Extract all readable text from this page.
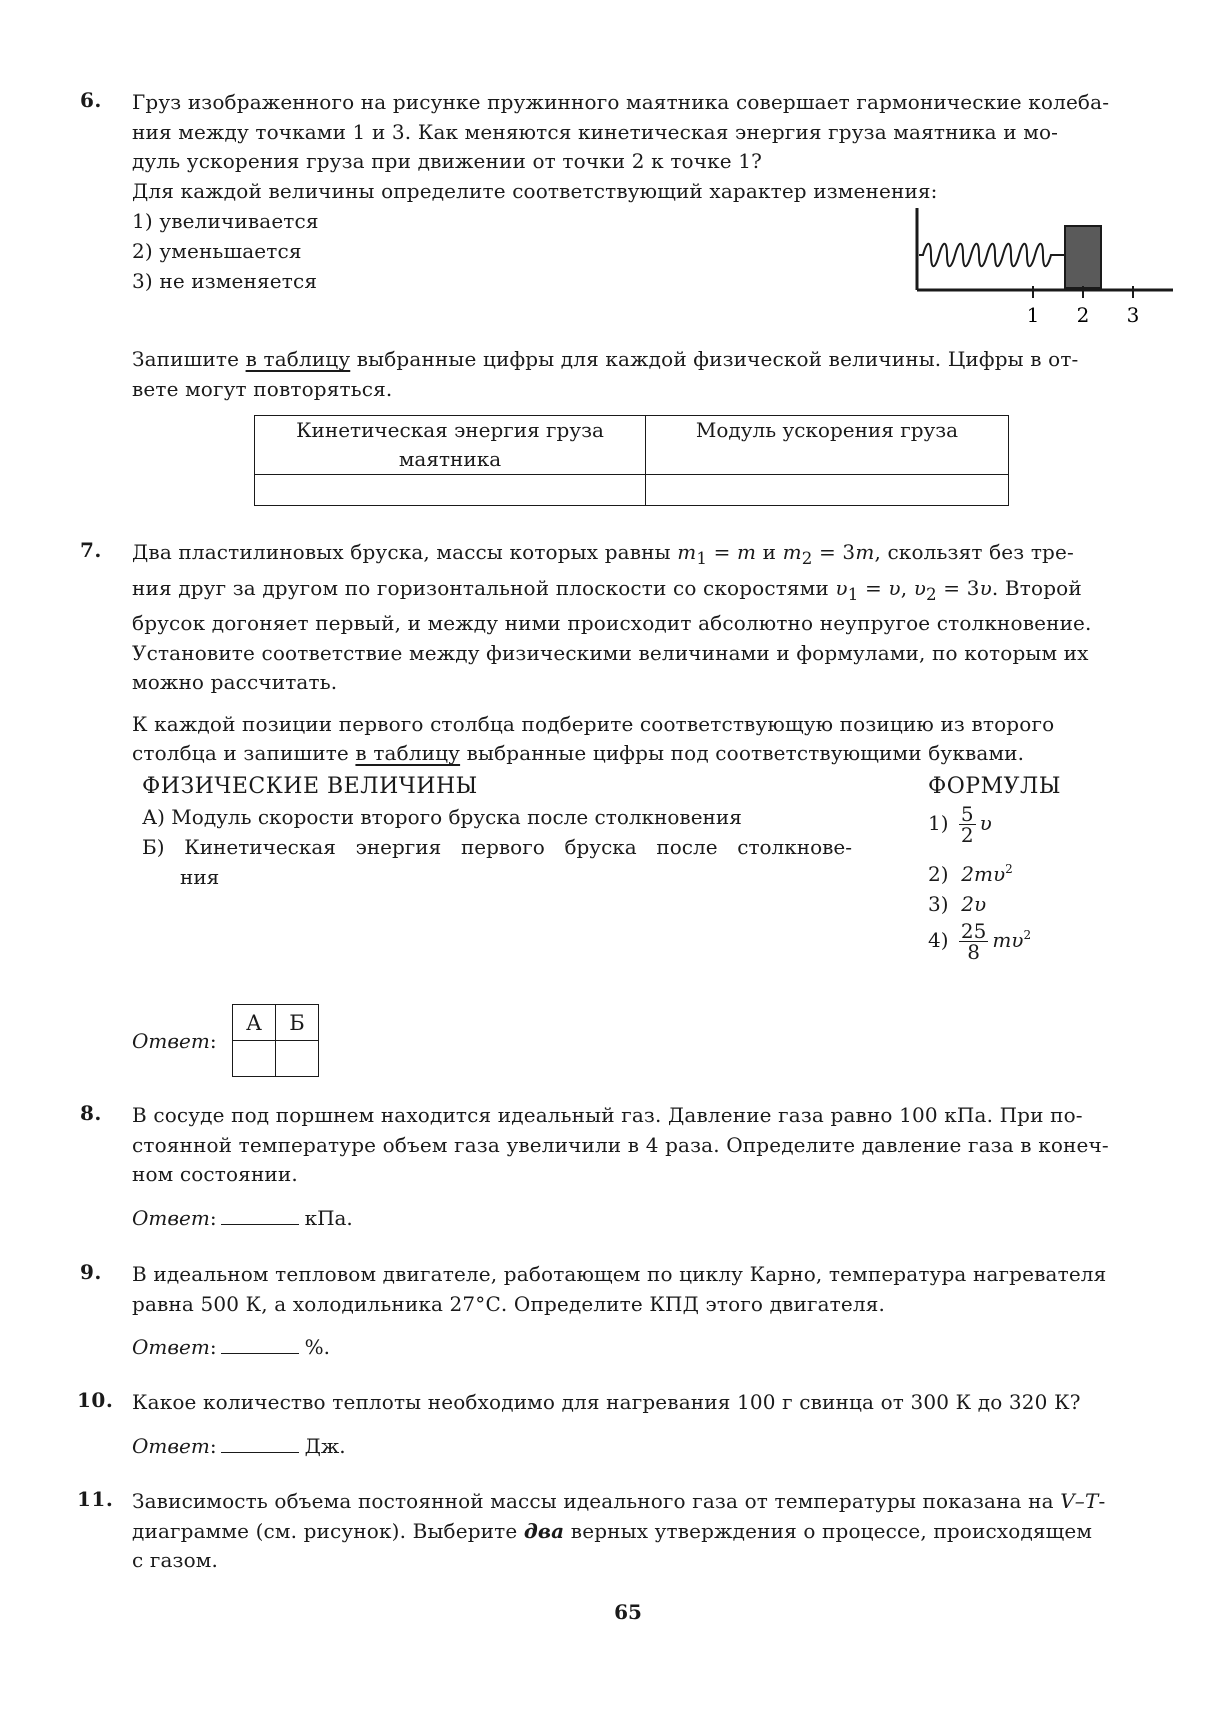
6. Груз изображенного на рисунке пружинного маятника совершает гармонические колеба-
ния между точками 1 и 3. Как меняются кинетическая энергия груза маятника и мо-
дуль ускорения груза при движении от точки 2 к точке 1?
Для каждой величины определите соответствующий характер изменения:
1) увеличивается
2) уменьшается
3) не изменяется
1 2 3
Запишите в таблицу выбранные цифры для каждой физической величины. Цифры в от-
вете могут повторяться.
Кинетическая энергия груза
маятника	Модуль ускорения груза

7. Два пластилиновых бруска, массы которых равны $m_1 = m$ и $m_2 = 3m$, скользят без тре-
ния друг за другом по горизонтальной плоскости со скоростями $\upsilon_1 = \upsilon$, $\upsilon_2 = 3\upsilon$. Второй
брусок догоняет первый, и между ними происходит абсолютно неупругое столкновение.
Установите соответствие между физическими величинами и формулами, по которым их
можно рассчитать.
К каждой позиции первого столбца подберите соответствующую позицию из второго
столбца и запишите в таблицу выбранные цифры под соответствующими буквами.
ФИЗИЧЕСКИЕ ВЕЛИЧИНЫ
А) Модуль скорости второго бруска после столкновения
Б) Кинетическая энергия первого бруска после столкнове-
ния
ФОРМУЛЫ
$1) \frac{5}{2}$ υ
2) $2m\upsilon^2$
3) 2υ
$4) \frac{25}{8} m\upsilon^2$
Ответ:
А	Б

8. В сосуде под поршнем находится идеальный газ. Давление газа равно 100 кПа. При по-
стоянной температуре объем газа увеличили в 4 раза. Определите давление газа в конеч-
ном состоянии.
Ответ:	кПа.
9. В идеальном тепловом двигателе, работающем по циклу Карно, температура нагревателя
равна 500 К, а холодильника 27°С. Определите КПД этого двигателя.
Ответ:	%.
10. Какое количество теплоты необходимо для нагревания 100 г свинца от 300 К до 320 К?
Ответ:	Дж.
11. Зависимость объема постоянной массы идеального газа от температуры показана на V–T-
диаграмме (см. рисунок). Выберите два верных утверждения о процессе, происходящем
с газом.
65
